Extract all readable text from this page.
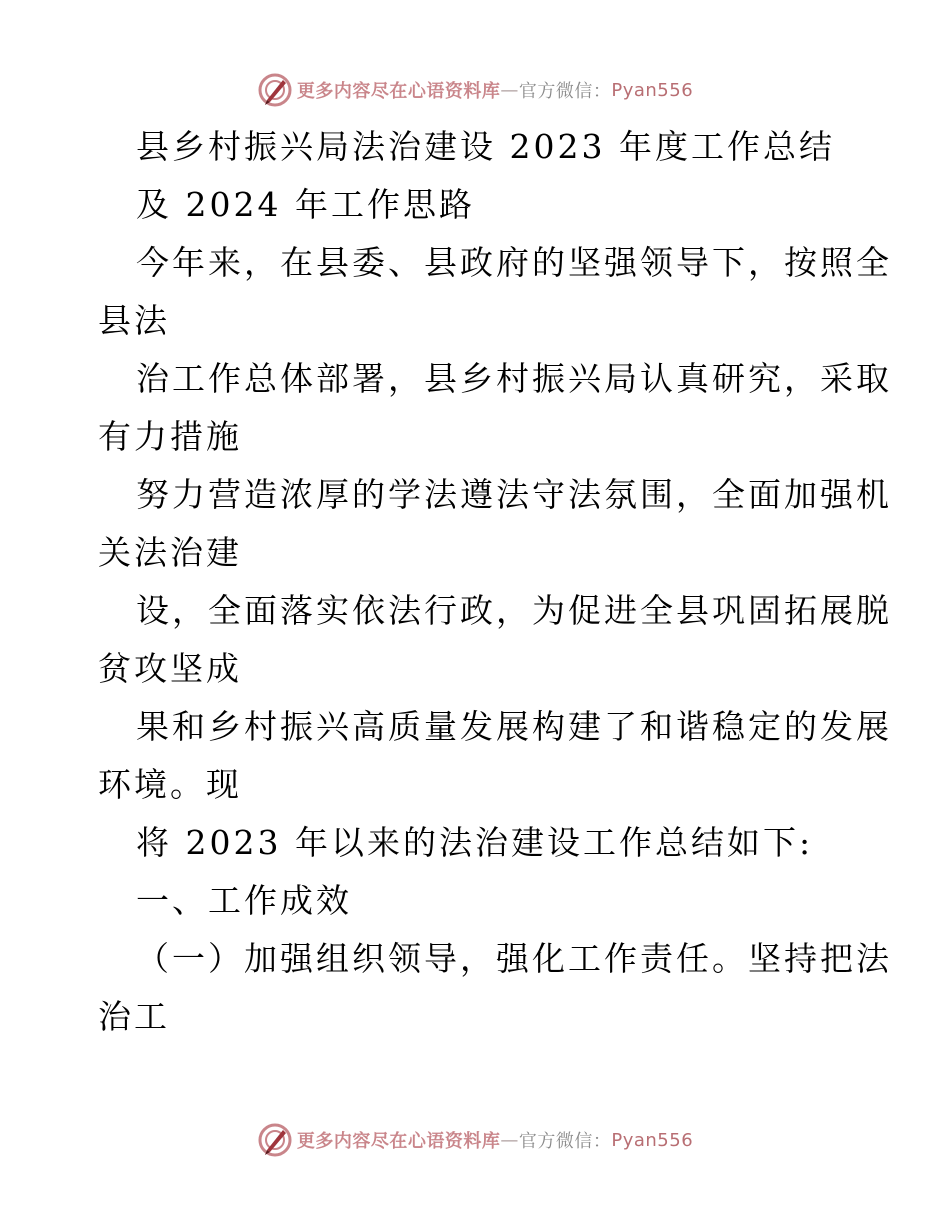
更多内容尽在心语资料库 — 官方微信： Pyan556
县乡村振兴局法治建设 2023 年度工作总结
及 2024 年工作思路
今年来，在县委、县政府的坚强领导下，按照全
县法
治工作总体部署，县乡村振兴局认真研究，采取
有力措施
努力营造浓厚的学法遵法守法氛围，全面加强机
关法治建
设，全面落实依法行政，为促进全县巩固拓展脱
贫攻坚成
果和乡村振兴高质量发展构建了和谐稳定的发展
环境。现
将 2023 年以来的法治建设工作总结如下:
一、工作成效
（一）加强组织领导，强化工作责任。坚持把法
治工
更多内容尽在心语资料库 — 官方微信： Pyan556
